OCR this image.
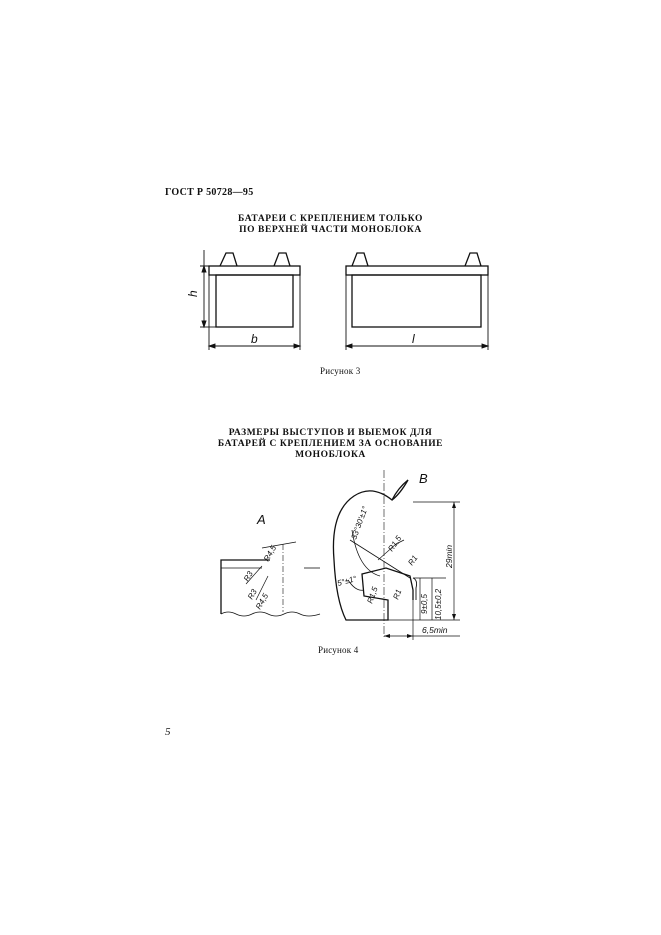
ГОСТ Р 50728—95
БАТАРЕИ С КРЕПЛЕНИЕМ ТОЛЬКО
ПО ВЕРХНЕЙ ЧАСТИ МОНОБЛОКА
РАЗМЕРЫ ВЫСТУПОВ И ВЫЕМОК ДЛЯ
БАТАРЕЙ С КРЕПЛЕНИЕМ ЗА ОСНОВАНИЕ
МОНОБЛОКА
h
b	l
A
R3
R4,5
R3
R4,5
B
33°30'±1°
R1,5
R1
5°±1°
R1,5 R1
29min
9±0,5 10,5±0,2
6,5min
Рисунок 3
Рисунок 4
5
